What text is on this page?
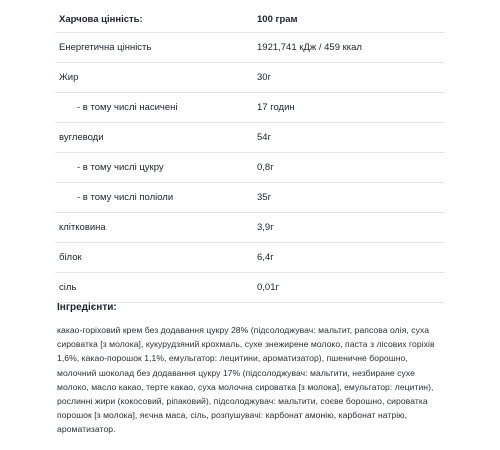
Харчова цінність:	100 грам
Енергетична цінність	1921,741 кДж / 459 ккал
Жир	30г
- в тому числі насичені	17 годин
вуглеводи	54г
- в тому числі цукру	0,8г
- в тому числі поліоли	35г
клітковина	3,9г
білок	6,4г
сіль	0,01г
Інгредієнти:
какао-горіховий крем без додавання цукру 28% (підсолоджувач: мальтит, рапсова олія, суха сироватка [з молока], кукурудзяний крохмаль, сухе знежирене молоко, паста з лісових горіхів 1,6%, какао-порошок 1,1%, емульгатор: лецитини, ароматизатор), пшеничне борошно, молочний шоколад без додавання цукру 17% (підсолоджувач: мальтити, незбиране сухе молоко, масло какао, терте какао, суха молочна сироватка [з молока], емульгатор: лецитин), рослинні жири (кокосовий, ріпаковий), підсолоджувач: мальтити, соєве борошно, сироватка порошок [з молока], яєчна маса, сіль, розпушувачі: карбонат амонію, карбонат натрію, ароматизатор.
